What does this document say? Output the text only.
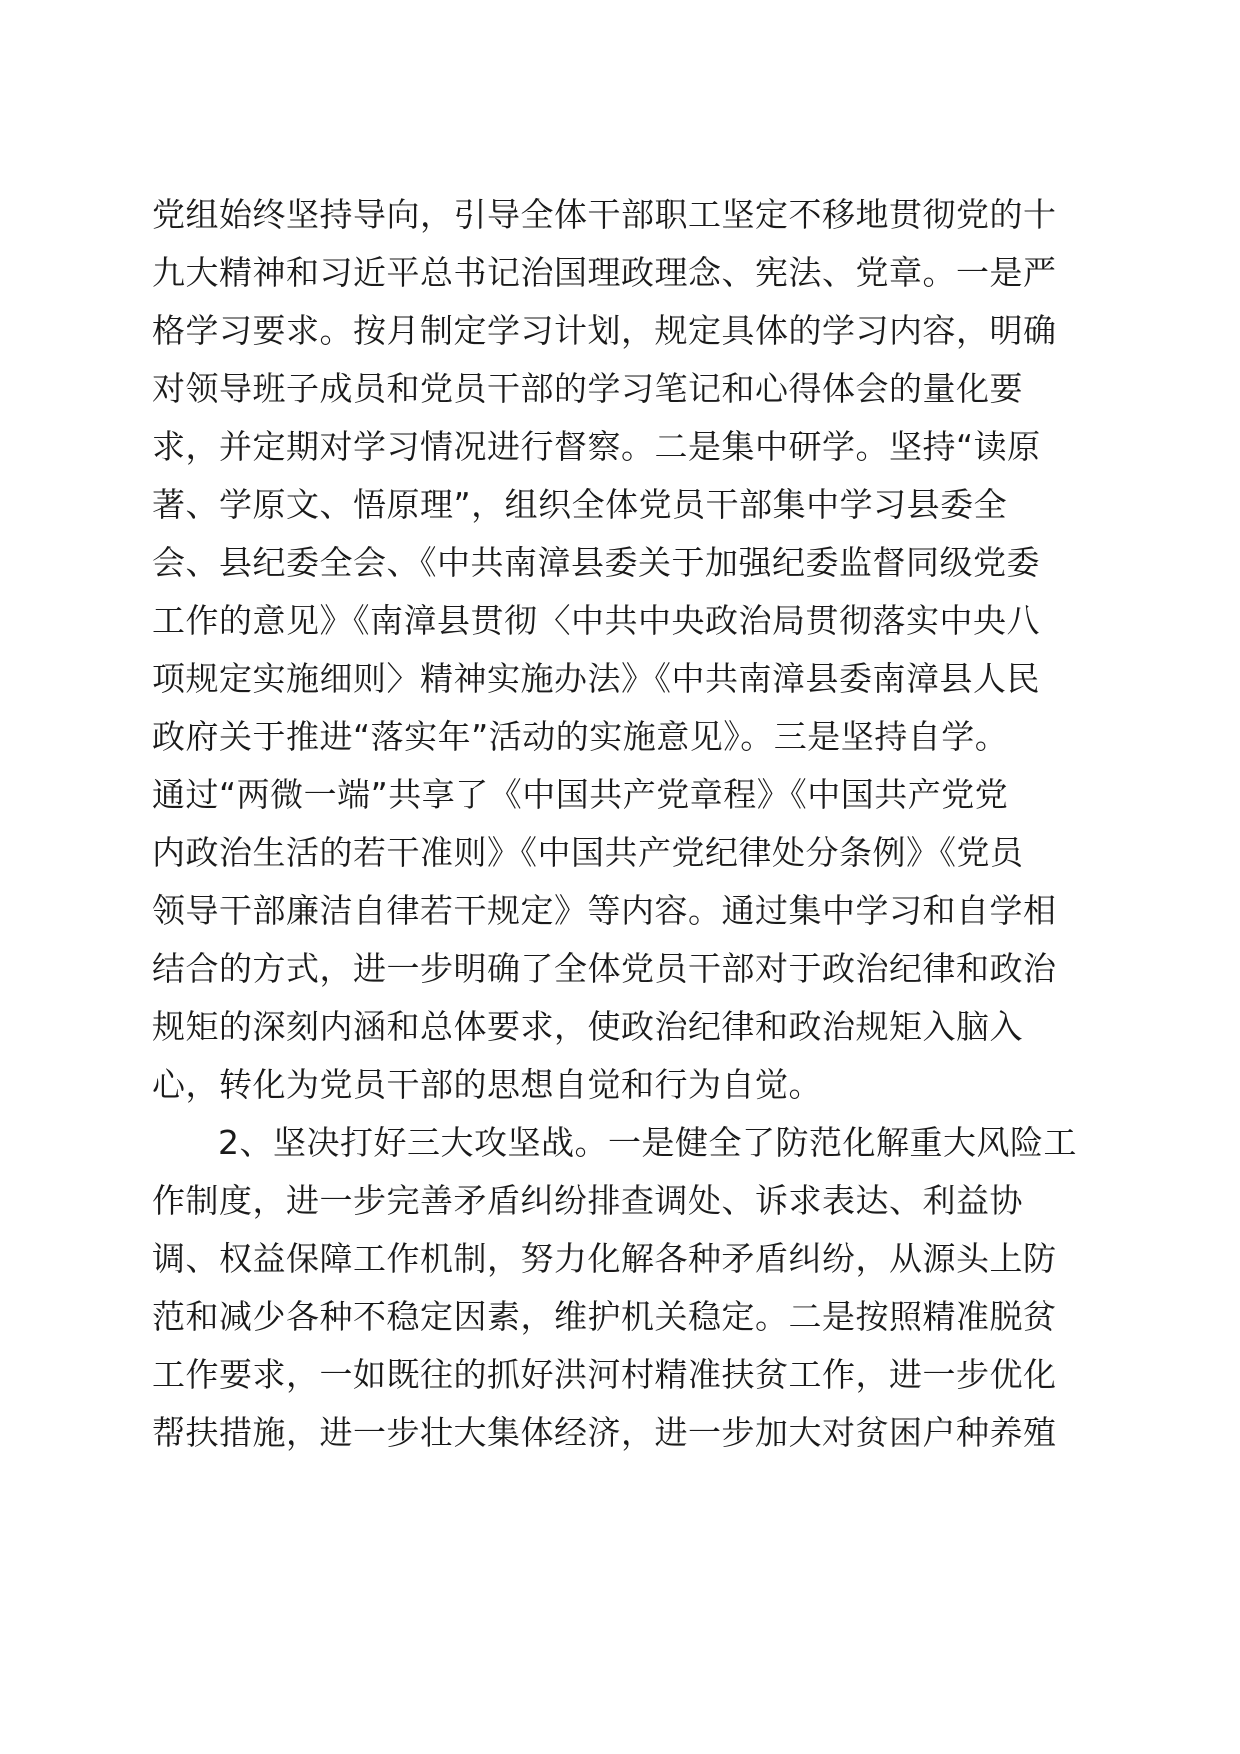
党组始终坚持导向，引导全体干部职工坚定不移地贯彻党的十
九大精神和习近平总书记治国理政理念、宪法、党章。一是严
格学习要求。按月制定学习计划，规定具体的学习内容，明确
对领导班子成员和党员干部的学习笔记和心得体会的量化要
求，并定期对学习情况进行督察。二是集中研学。坚持“读原
著、学原文、悟原理”，组织全体党员干部集中学习县委全
会、县纪委全会、《中共南漳县委关于加强纪委监督同级党委
工作的意见》《南漳县贯彻〈中共中央政治局贯彻落实中央八
项规定实施细则〉精神实施办法》《中共南漳县委南漳县人民
政府关于推进“落实年”活动的实施意见》。三是坚持自学。
通过“两微一端”共享了《中国共产党章程》《中国共产党党
内政治生活的若干准则》《中国共产党纪律处分条例》《党员
领导干部廉洁自律若干规定》等内容。通过集中学习和自学相
结合的方式，进一步明确了全体党员干部对于政治纪律和政治
规矩的深刻内涵和总体要求，使政治纪律和政治规矩入脑入
心，转化为党员干部的思想自觉和行为自觉。
2、坚决打好三大攻坚战。一是健全了防范化解重大风险工
作制度，进一步完善矛盾纠纷排查调处、诉求表达、利益协
调、权益保障工作机制，努力化解各种矛盾纠纷，从源头上防
范和减少各种不稳定因素，维护机关稳定。二是按照精准脱贫
工作要求，一如既往的抓好洪河村精准扶贫工作，进一步优化
帮扶措施，进一步壮大集体经济，进一步加大对贫困户种养殖
